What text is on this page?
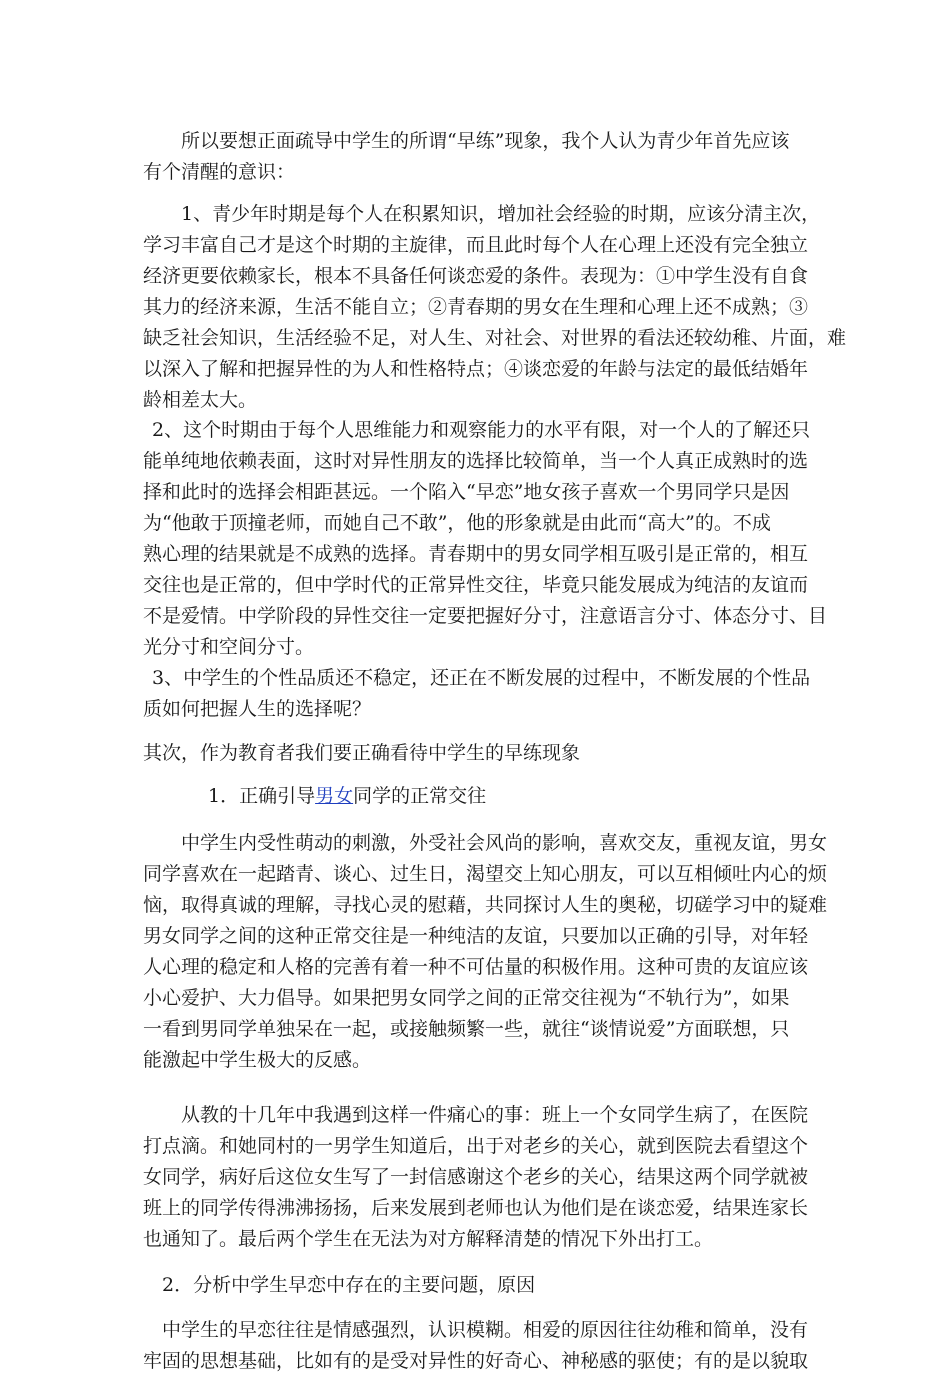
所以要想正面疏导中学生的所谓“早练”现象，我个人认为青少年首先应该
有个清醒的意识：
1、青少年时期是每个人在积累知识，增加社会经验的时期，应该分清主次，
学习丰富自己才是这个时期的主旋律，而且此时每个人在心理上还没有完全独立
经济更要依赖家长，根本不具备任何谈恋爱的条件。表现为：①中学生没有自食
其力的经济来源，生活不能自立；②青春期的男女在生理和心理上还不成熟；③
缺乏社会知识，生活经验不足，对人生、对社会、对世界的看法还较幼稚、片面，难
以深入了解和把握异性的为人和性格特点；④谈恋爱的年龄与法定的最低结婚年
龄相差太大。
2、这个时期由于每个人思维能力和观察能力的水平有限，对一个人的了解还只
能单纯地依赖表面，这时对异性朋友的选择比较简单，当一个人真正成熟时的选
择和此时的选择会相距甚远。一个陷入“早恋”地女孩子喜欢一个男同学只是因
为“他敢于顶撞老师，而她自己不敢”，他的形象就是由此而“高大”的。不成
熟心理的结果就是不成熟的选择。青春期中的男女同学相互吸引是正常的，相互
交往也是正常的，但中学时代的正常异性交往，毕竟只能发展成为纯洁的友谊而
不是爱情。中学阶段的异性交往一定要把握好分寸，注意语言分寸、体态分寸、目
光分寸和空间分寸。
3、中学生的个性品质还不稳定，还正在不断发展的过程中，不断发展的个性品
质如何把握人生的选择呢？
其次，作为教育者我们要正确看待中学生的早练现象
1．正确引导男女同学的正常交往
中学生内受性萌动的刺激，外受社会风尚的影响，喜欢交友，重视友谊，男女
同学喜欢在一起踏青、谈心、过生日，渴望交上知心朋友，可以互相倾吐内心的烦
恼，取得真诚的理解，寻找心灵的慰藉，共同探讨人生的奥秘，切磋学习中的疑难
男女同学之间的这种正常交往是一种纯洁的友谊，只要加以正确的引导，对年轻
人心理的稳定和人格的完善有着一种不可估量的积极作用。这种可贵的友谊应该
小心爱护、大力倡导。如果把男女同学之间的正常交往视为“不轨行为”，如果
一看到男同学单独呆在一起，或接触频繁一些，就往“谈情说爱”方面联想，只
能激起中学生极大的反感。
从教的十几年中我遇到这样一件痛心的事：班上一个女同学生病了，在医院
打点滴。和她同村的一男学生知道后，出于对老乡的关心，就到医院去看望这个
女同学，病好后这位女生写了一封信感谢这个老乡的关心，结果这两个同学就被
班上的同学传得沸沸扬扬，后来发展到老师也认为他们是在谈恋爱，结果连家长
也通知了。最后两个学生在无法为对方解释清楚的情况下外出打工。
2．分析中学生早恋中存在的主要问题，原因
中学生的早恋往往是情感强烈，认识模糊。相爱的原因往往幼稚和简单，没有
牢固的思想基础，比如有的是受对异性的好奇心、神秘感的驱使；有的是以貌取
